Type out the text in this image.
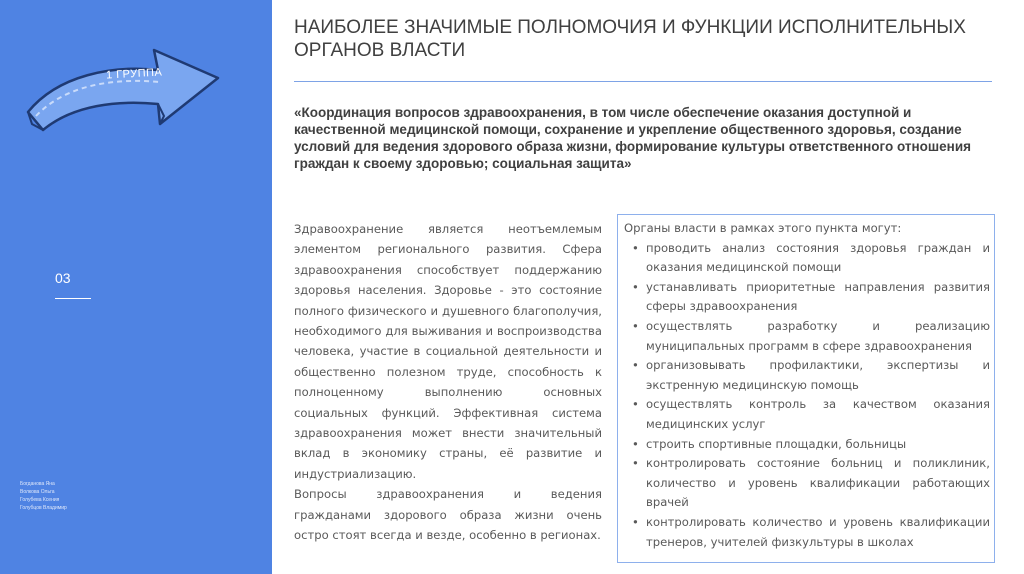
1 ГРУППА
03
Богданова Яна
Волкова Ольга
Голубева Ксения
Голубцов Владимир
НАИБОЛЕЕ ЗНАЧИМЫЕ ПОЛНОМОЧИЯ И ФУНКЦИИ ИСПОЛНИТЕЛЬНЫХ ОРГАНОВ ВЛАСТИ
«Координация вопросов здравоохранения, в том числе обеспечение оказания доступной и качественной медицинской помощи, сохранение и укрепление общественного здоровья, создание условий для ведения здорового образа жизни, формирование культуры ответственного отношения граждан к своему здоровью; социальная защита»

Здравоохранение является неотъемлемым элементом регионального развития. Сфера здравоохранения способствует поддержанию здоровья населения. Здоровье - это состояние полного физического и душевного благополучия, необходимого для выживания и воспроизводства человека, участие в социальной деятельности и общественно полезном труде, способность к полноценному выполнению основных социальных функций. Эффективная система здравоохранения может внести значительный вклад в экономику страны, её развитие и индустриализацию.

Вопросы здравоохранения и ведения гражданами здорового образа жизни очень остро стоят всегда и везде, особенно в регионах.

Органы власти в рамках этого пункта могут:

• проводить анализ состояния здоровья граждан и оказания медицинской помощи
• устанавливать приоритетные направления развития сферы здравоохранения
• осуществлять разработку и реализацию муниципальных программ в сфере здравоохранения
• организовывать профилактики, экспертизы и экстренную медицинскую помощь
• осуществлять контроль за качеством оказания медицинских услуг
• строить спортивные площадки, больницы
• контролировать состояние больниц и поликлиник, количество и уровень квалификации работающих врачей
• контролировать количество и уровень квалификации тренеров, учителей физкультуры в школах
